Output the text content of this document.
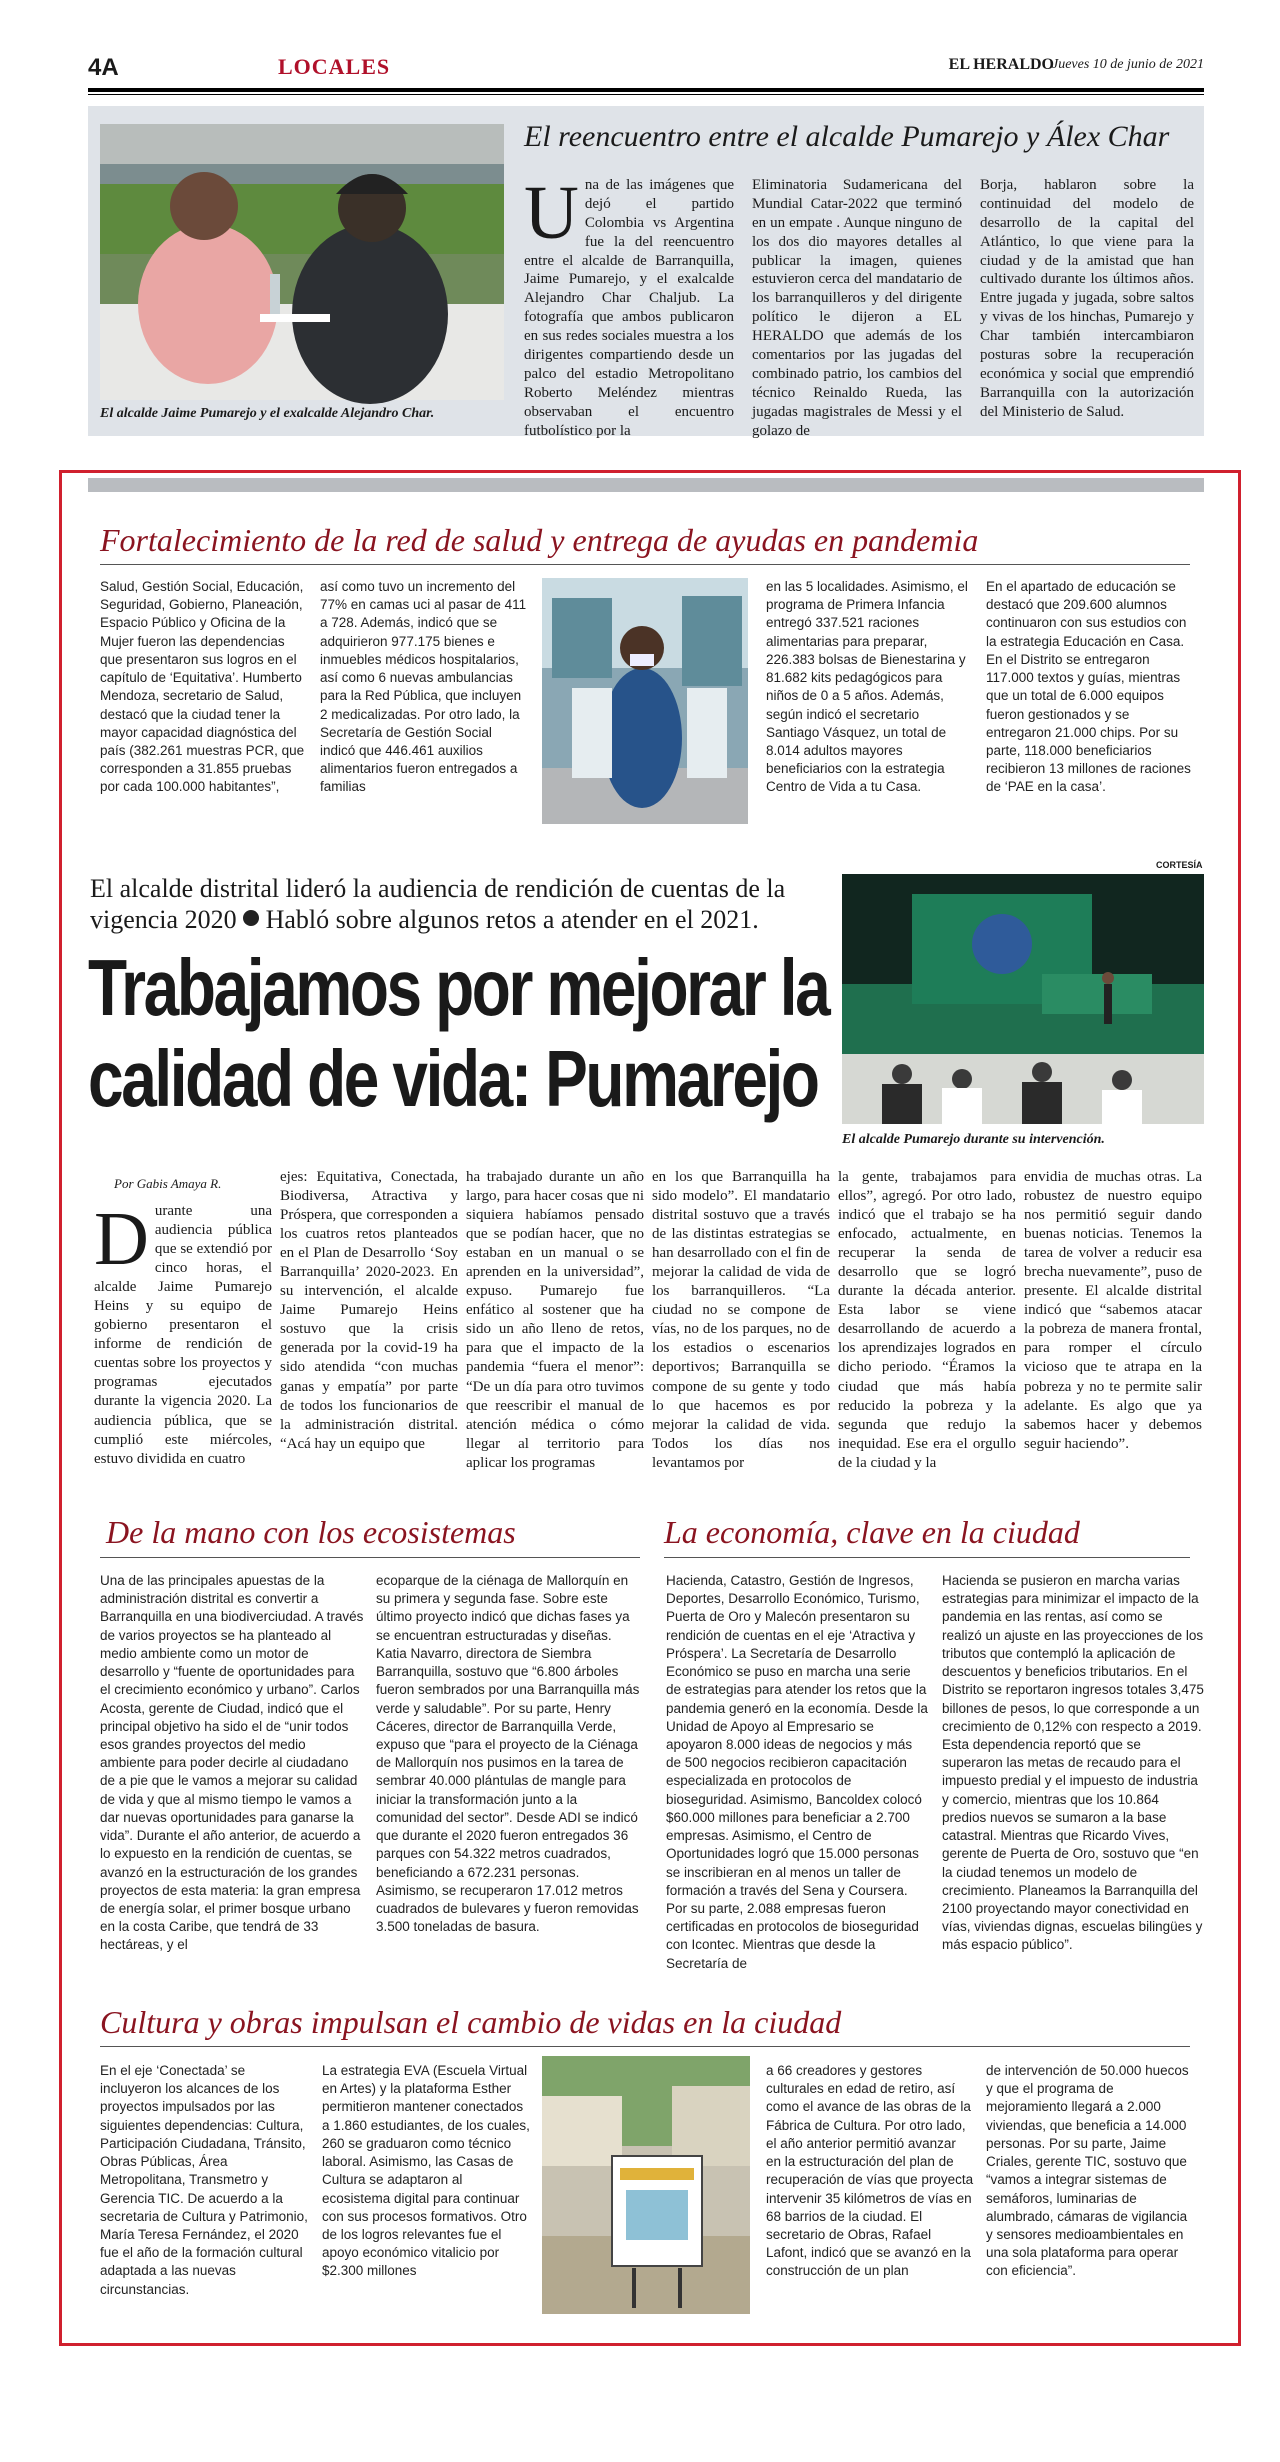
4A	LOCALES	EL HERALDO
Jueves 10 de junio de 2021
El alcalde Jaime Pumarejo y el exalcalde Alejandro Char.
El reencuentro entre el alcalde Pumarejo y Álex Char
Una de las imágenes que dejó el partido Colombia vs Argentina fue la del reencuentro entre el alcalde de Barranquilla, Jaime Pumarejo, y el exalcalde Alejandro Char Chaljub. La fotografía que ambos publicaron en sus redes sociales muestra a los dirigentes compartiendo desde un palco del estadio Metropolitano Roberto Meléndez mientras observaban el encuentro futbolístico por la
Eliminatoria Sudamericana del Mundial Catar-2022 que terminó en un empate . Aunque ninguno de los dos dio mayores detalles al publicar la imagen, quienes estuvieron cerca del mandatario de los barranquilleros y del dirigente político le dijeron a EL HERALDO que además de los comentarios por las jugadas del combinado patrio, los cambios del técnico Reinaldo Rueda, las jugadas magistrales de Messi y el golazo de
Borja, hablaron sobre la continuidad del modelo de desarrollo de la capital del Atlántico, lo que viene para la ciudad y de la amistad que han cultivado durante los últimos años. Entre jugada y jugada, sobre saltos y vivas de los hinchas, Pumarejo y Char también intercambiaron posturas sobre la recuperación económica y social que emprendió Barranquilla con la autorización del Ministerio de Salud.
Fortalecimiento de la red de salud y entrega de ayudas en pandemia
Salud, Gestión Social, Educación, Seguridad, Gobierno, Planeación, Espacio Público y Oficina de la Mujer fueron las dependencias que presentaron sus logros en el capítulo de ‘Equitativa’. Humberto Mendoza, secretario de Salud, destacó que la ciudad tener la mayor capacidad diagnóstica del país (382.261 muestras PCR, que corresponden a 31.855 pruebas por cada 100.000 habitantes”,
así como tuvo un incremento del 77% en camas uci al pasar de 411 a 728. Además, indicó que se adquirieron 977.175 bienes e inmuebles médicos hospitalarios, así como 6 nuevas ambulancias para la Red Pública, que incluyen 2 medicalizadas. Por otro lado, la Secretaría de Gestión Social indicó que 446.461 auxilios alimentarios fueron entregados a familias
en las 5 localidades. Asimismo, el programa de Primera Infancia entregó 337.521 raciones alimentarias para preparar, 226.383 bolsas de Bienestarina y 81.682 kits pedagógicos para niños de 0 a 5 años. Además, según indicó el secretario Santiago Vásquez, un total de 8.014 adultos mayores beneficiarios con la estrategia Centro de Vida a tu Casa.
En el apartado de educación se destacó que 209.600 alumnos continuaron con sus estudios con la estrategia Educación en Casa. En el Distrito se entregaron 117.000 textos y guías, mientras que un total de 6.000 equipos fueron gestionados y se entregaron 21.000 chips. Por su parte, 118.000 beneficiarios recibieron 13 millones de raciones de ‘PAE en la casa’.
El alcalde distrital lideró la audiencia de rendición de cuentas de la vigencia 2020 Habló sobre algunos retos a atender en el 2021.
Trabajamos por mejorar la calidad de vida: Pumarejo
CORTESÍA
El alcalde Pumarejo durante su intervención.
Por Gabis Amaya R.
Durante una audiencia pública que se extendió por cinco horas, el alcalde Jaime Pumarejo Heins y su equipo de gobierno presentaron el informe de rendición de cuentas sobre los proyectos y programas ejecutados durante la vigencia 2020. La audiencia pública, que se cumplió este miércoles, estuvo dividida en cuatro
ejes: Equitativa, Conectada, Biodiversa, Atractiva y Próspera, que corresponden a los cuatros retos planteados en el Plan de Desarrollo ‘Soy Barranquilla’ 2020-2023. En su intervención, el alcalde Jaime Pumarejo Heins sostuvo que la crisis generada por la covid-19 ha sido atendida “con muchas ganas y empatía” por parte de todos los funcionarios de la administración distrital. “Acá hay un equipo que
ha trabajado durante un año largo, para hacer cosas que ni siquiera habíamos pensado que se podían hacer, que no estaban en un manual o se aprenden en la universidad”, expuso. Pumarejo fue enfático al sostener que ha sido un año lleno de retos, para que el impacto de la pandemia “fuera el menor”: “De un día para otro tuvimos que reescribir el manual de atención médica o cómo llegar al territorio para aplicar los programas
en los que Barranquilla ha sido modelo”. El mandatario distrital sostuvo que a través de las distintas estrategias se han desarrollado con el fin de mejorar la calidad de vida de los barranquilleros. “La ciudad no se compone de vías, no de los parques, no de los estadios o escenarios deportivos; Barranquilla se compone de su gente y todo lo que hacemos es por mejorar la calidad de vida. Todos los días nos levantamos por
la gente, trabajamos para ellos”, agregó. Por otro lado, indicó que el trabajo se ha enfocado, actualmente, en recuperar la senda de desarrollo que se logró durante la década anterior. Esta labor se viene desarrollando de acuerdo a los aprendizajes logrados en dicho periodo. “Éramos la ciudad que más había reducido la pobreza y la segunda que redujo la inequidad. Ese era el orgullo de la ciudad y la
envidia de muchas otras. La robustez de nuestro equipo nos permitió seguir dando buenas noticias. Tenemos la tarea de volver a reducir esa brecha nuevamente”, puso de presente. El alcalde distrital indicó que “sabemos atacar la pobreza de manera frontal, para romper el círculo vicioso que te atrapa en la pobreza y no te permite salir adelante. Es algo que ya sabemos hacer y debemos seguir haciendo”.
De la mano con los ecosistemas
Una de las principales apuestas de la administración distrital es convertir a Barranquilla en una biodiverciudad. A través de varios proyectos se ha planteado al medio ambiente como un motor de desarrollo y “fuente de oportunidades para el crecimiento económico y urbano”. Carlos Acosta, gerente de Ciudad, indicó que el principal objetivo ha sido el de “unir todos esos grandes proyectos del medio ambiente para poder decirle al ciudadano de a pie que le vamos a mejorar su calidad de vida y que al mismo tiempo le vamos a dar nuevas oportunidades para ganarse la vida”. Durante el año anterior, de acuerdo a lo expuesto en la rendición de cuentas, se avanzó en la estructuración de los grandes proyectos de esta materia: la gran empresa de energía solar, el primer bosque urbano en la costa Caribe, que tendrá de 33 hectáreas, y el
ecoparque de la ciénaga de Mallorquín en su primera y segunda fase. Sobre este último proyecto indicó que dichas fases ya se encuentran estructuradas y diseñas. Katia Navarro, directora de Siembra Barranquilla, sostuvo que “6.800 árboles fueron sembrados por una Barranquilla más verde y saludable”. Por su parte, Henry Cáceres, director de Barranquilla Verde, expuso que “para el proyecto de la Ciénaga de Mallorquín nos pusimos en la tarea de sembrar 40.000 plántulas de mangle para iniciar la transformación junto a la comunidad del sector”. Desde ADI se indicó que durante el 2020 fueron entregados 36 parques con 54.322 metros cuadrados, beneficiando a 672.231 personas. Asimismo, se recuperaron 17.012 metros cuadrados de bulevares y fueron removidas 3.500 toneladas de basura.
La economía, clave en la ciudad
Hacienda, Catastro, Gestión de Ingresos, Deportes, Desarrollo Económico, Turismo, Puerta de Oro y Malecón presentaron su rendición de cuentas en el eje ‘Atractiva y Próspera’. La Secretaría de Desarrollo Económico se puso en marcha una serie de estrategias para atender los retos que la pandemia generó en la economía. Desde la Unidad de Apoyo al Empresario se apoyaron 8.000 ideas de negocios y más de 500 negocios recibieron capacitación especializada en protocolos de bioseguridad. Asimismo, Bancoldex colocó $60.000 millones para beneficiar a 2.700 empresas. Asimismo, el Centro de Oportunidades logró que 15.000 personas se inscribieran en al menos un taller de formación a través del Sena y Coursera. Por su parte, 2.088 empresas fueron certificadas en protocolos de bioseguridad con Icontec. Mientras que desde la Secretaría de
Hacienda se pusieron en marcha varias estrategias para minimizar el impacto de la pandemia en las rentas, así como se realizó un ajuste en las proyecciones de los tributos que contempló la aplicación de descuentos y beneficios tributarios. En el Distrito se reportaron ingresos totales 3,475 billones de pesos, lo que corresponde a un crecimiento de 0,12% con respecto a 2019. Esta dependencia reportó que se superaron las metas de recaudo para el impuesto predial y el impuesto de industria y comercio, mientras que los 10.864 predios nuevos se sumaron a la base catastral. Mientras que Ricardo Vives, gerente de Puerta de Oro, sostuvo que “en la ciudad tenemos un modelo de crecimiento. Planeamos la Barranquilla del 2100 proyectando mayor conectividad en vías, viviendas dignas, escuelas bilingües y más espacio público”.
Cultura y obras impulsan el cambio de vidas en la ciudad
En el eje ‘Conectada’ se incluyeron los alcances de los proyectos impulsados por las siguientes dependencias: Cultura, Participación Ciudadana, Tránsito, Obras Públicas, Área Metropolitana, Transmetro y Gerencia TIC. De acuerdo a la secretaria de Cultura y Patrimonio, María Teresa Fernández, el 2020 fue el año de la formación cultural adaptada a las nuevas circunstancias.
La estrategia EVA (Escuela Virtual en Artes) y la plataforma Esther permitieron mantener conectados a 1.860 estudiantes, de los cuales, 260 se graduaron como técnico laboral. Asimismo, las Casas de Cultura se adaptaron al ecosistema digital para continuar con sus procesos formativos. Otro de los logros relevantes fue el apoyo económico vitalicio por $2.300 millones
a 66 creadores y gestores culturales en edad de retiro, así como el avance de las obras de la Fábrica de Cultura. Por otro lado, el año anterior permitió avanzar en la estructuración del plan de recuperación de vías que proyecta intervenir 35 kilómetros de vías en 68 barrios de la ciudad. El secretario de Obras, Rafael Lafont, indicó que se avanzó en la construcción de un plan
de intervención de 50.000 huecos y que el programa de mejoramiento llegará a 2.000 viviendas, que beneficia a 14.000 personas. Por su parte, Jaime Criales, gerente TIC, sostuvo que “vamos a integrar sistemas de semáforos, luminarias de alumbrado, cámaras de vigilancia y sensores medioambientales en una sola plataforma para operar con eficiencia”.
